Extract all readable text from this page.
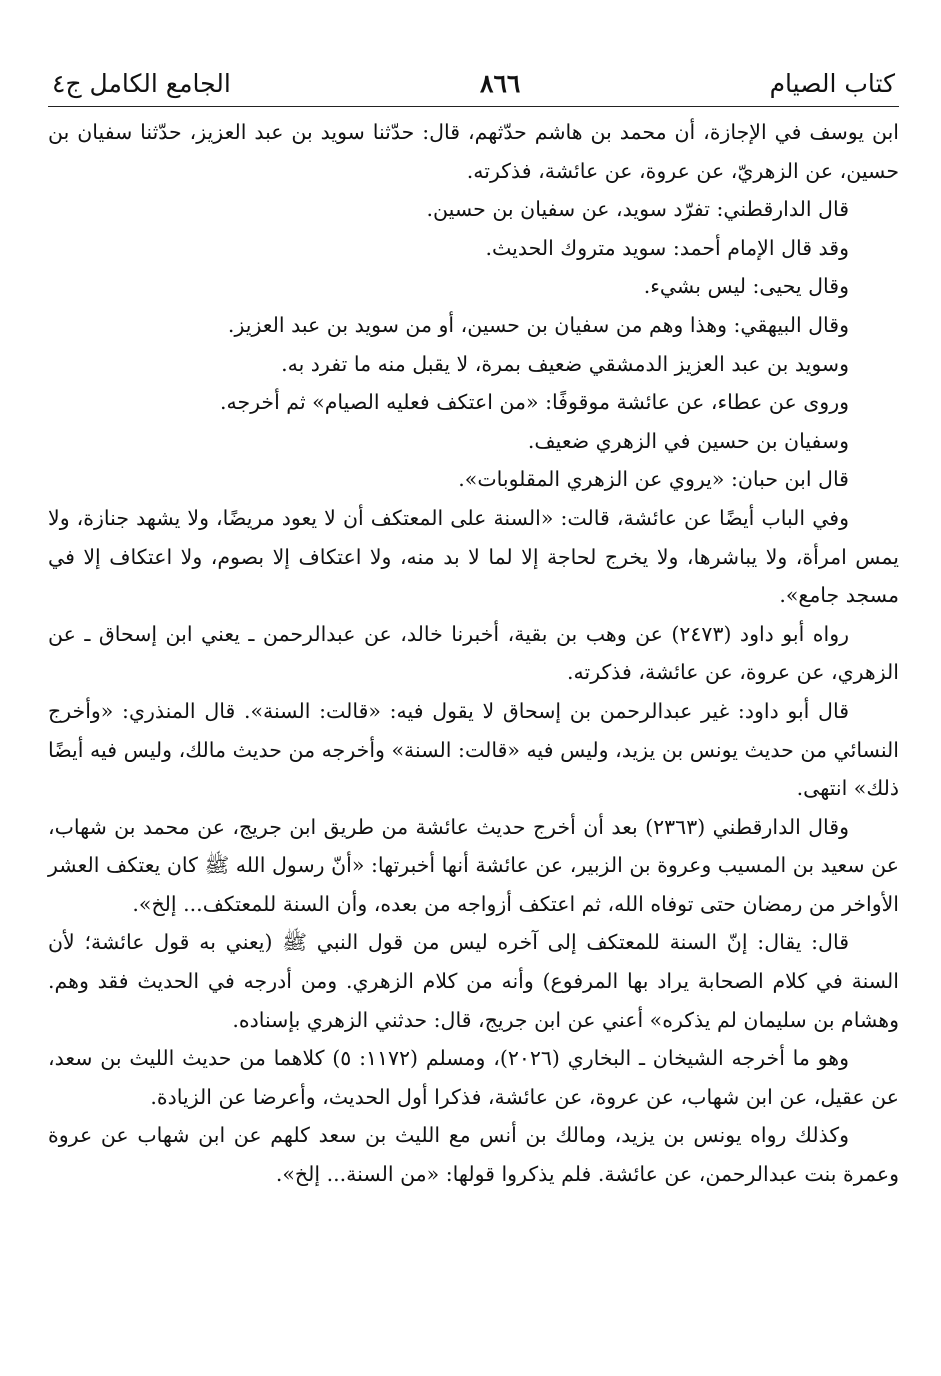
كتاب الصيام
٨٦٦
الجامع الكامل ج٤

ابن يوسف في الإجازة، أن محمد بن هاشم حدّثهم، قال: حدّثنا سويد بن عبد العزيز، حدّثنا سفيان بن حسين، عن الزهريّ، عن عروة، عن عائشة، فذكرته.

قال الدارقطني: تفرّد سويد، عن سفيان بن حسين.

وقد قال الإمام أحمد: سويد متروك الحديث.

وقال يحيى: ليس بشيء.

وقال البيهقي: وهذا وهم من سفيان بن حسين، أو من سويد بن عبد العزيز.

وسويد بن عبد العزيز الدمشقي ضعيف بمرة، لا يقبل منه ما تفرد به.

وروى عن عطاء، عن عائشة موقوفًا: «من اعتكف فعليه الصيام» ثم أخرجه.

وسفيان بن حسين في الزهري ضعيف.

قال ابن حبان: «يروي عن الزهري المقلوبات».

وفي الباب أيضًا عن عائشة، قالت: «السنة على المعتكف أن لا يعود مريضًا، ولا يشهد جنازة، ولا يمس امرأة، ولا يباشرها، ولا يخرج لحاجة إلا لما لا بد منه، ولا اعتكاف إلا بصوم، ولا اعتكاف إلا في مسجد جامع».

رواه أبو داود (٢٤٧٣) عن وهب بن بقية، أخبرنا خالد، عن عبدالرحمن ـ يعني ابن إسحاق ـ عن الزهري، عن عروة، عن عائشة، فذكرته.

قال أبو داود: غير عبدالرحمن بن إسحاق لا يقول فيه: «قالت: السنة». قال المنذري: «وأخرج النسائي من حديث يونس بن يزيد، وليس فيه «قالت: السنة» وأخرجه من حديث مالك، وليس فيه أيضًا ذلك» انتهى.

وقال الدارقطني (٢٣٦٣) بعد أن أخرج حديث عائشة من طريق ابن جريج، عن محمد بن شهاب، عن سعيد بن المسيب وعروة بن الزبير، عن عائشة أنها أخبرتها: «أنّ رسول الله ﷺ كان يعتكف العشر الأواخر من رمضان حتى توفاه الله، ثم اعتكف أزواجه من بعده، وأن السنة للمعتكف... إلخ».

قال: يقال: إنّ السنة للمعتكف إلى آخره ليس من قول النبي ﷺ (يعني به قول عائشة؛ لأن السنة في كلام الصحابة يراد بها المرفوع) وأنه من كلام الزهري. ومن أدرجه في الحديث فقد وهم. وهشام بن سليمان لم يذكره» أعني عن ابن جريج، قال: حدثني الزهري بإسناده.

وهو ما أخرجه الشيخان ـ البخاري (٢٠٢٦)، ومسلم (١١٧٢: ٥) كلاهما من حديث الليث بن سعد، عن عقيل، عن ابن شهاب، عن عروة، عن عائشة، فذكرا أول الحديث، وأعرضا عن الزيادة.

وكذلك رواه يونس بن يزيد، ومالك بن أنس مع الليث بن سعد كلهم عن ابن شهاب عن عروة وعمرة بنت عبدالرحمن، عن عائشة. فلم يذكروا قولها: «من السنة... إلخ».
